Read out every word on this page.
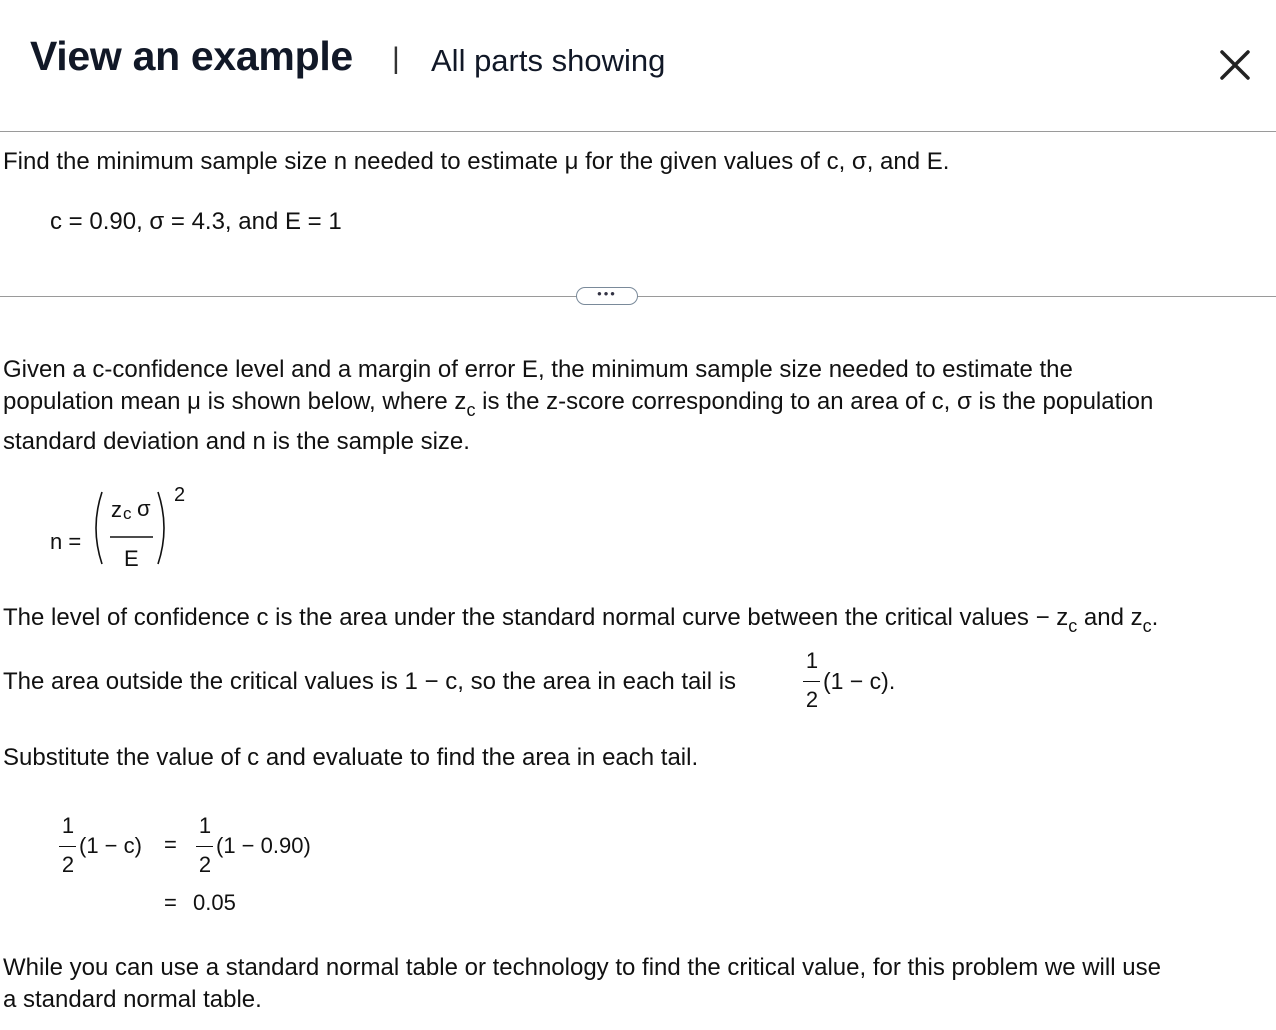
View an example | All parts showing
Find the minimum sample size n needed to estimate μ for the given values of c, σ, and E.
c = 0.90, σ = 4.3, and E = 1
•••
Given a c-confidence level and a margin of error E, the minimum sample size needed to estimate the
population mean μ is shown below, where $z_c$ is the z-score corresponding to an area of c, σ is the population
standard deviation and n is the sample size.
n =
z c σ
E
2
The level of confidence c is the area under the standard normal curve between the critical values − $z_c$ and $z_c$.
The area outside the critical values is 1 − c, so the area in each tail is
1
2
(1 − c).
Substitute the value of c and evaluate to find the area in each tail.
1
2
(1 − c) =
1
2
(1 − 0.90)
= 0.05
While you can use a standard normal table or technology to find the critical value, for this problem we will use
a standard normal table.
